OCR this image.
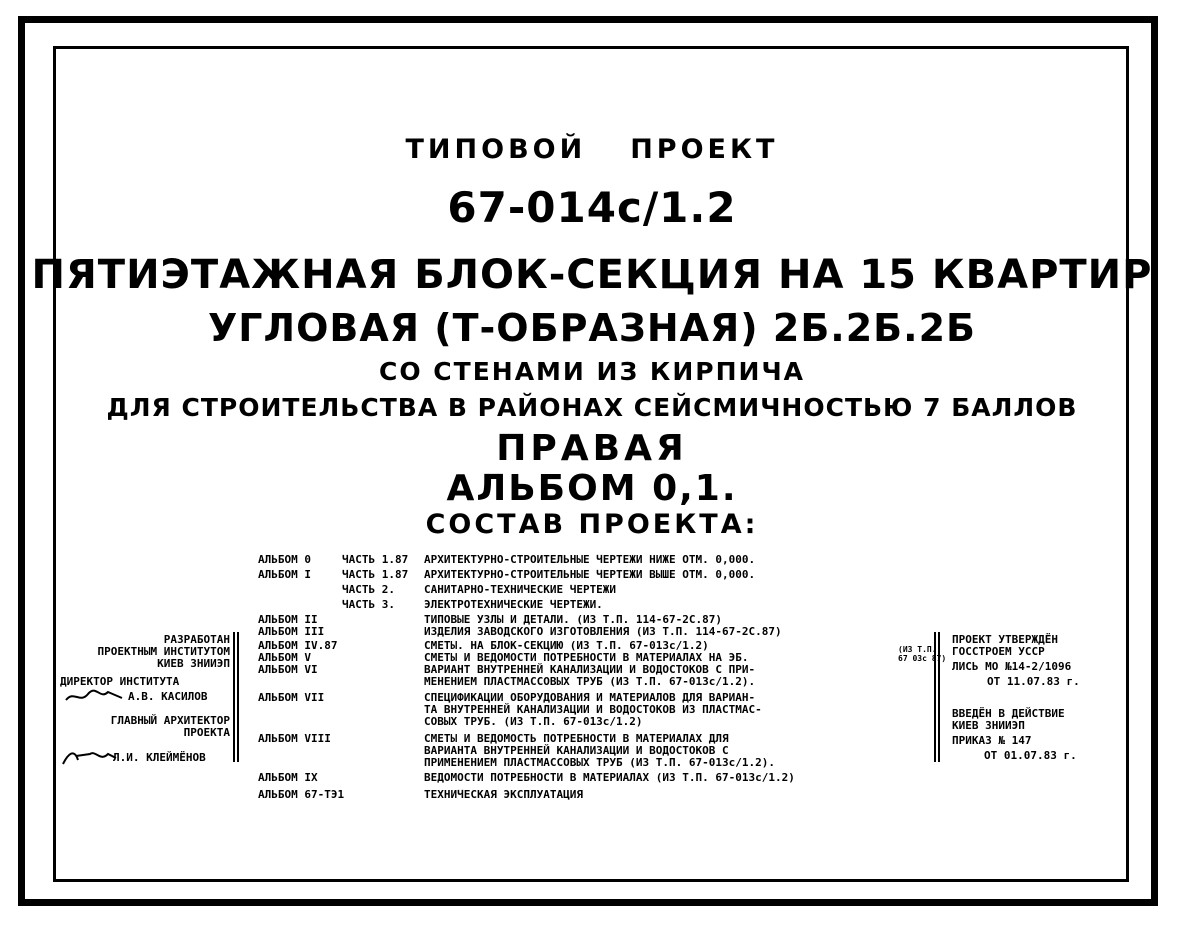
ТИПОВОЙ ПРОЕКТ
67-014с/1.2
ПЯТИЭТАЖНАЯ БЛОК-СЕКЦИЯ НА 15 КВАРТИР
УГЛОВАЯ (Т-ОБРАЗНАЯ) 2Б.2Б.2Б
СО СТЕНАМИ ИЗ КИРПИЧА
ДЛЯ СТРОИТЕЛЬСТВА В РАЙОНАХ СЕЙСМИЧНОСТЬЮ 7 БАЛЛОВ
ПРАВАЯ
АЛЬБОМ 0,1.
СОСТАВ ПРОЕКТА:
АЛЬБОМ 0	ЧАСТЬ 1.87 АРХИТЕКТУРНО-СТРОИТЕЛЬНЫЕ ЧЕРТЕЖИ НИЖЕ ОТМ. 0,000.
АЛЬБОМ I	ЧАСТЬ 1.87 АРХИТЕКТУРНО-СТРОИТЕЛЬНЫЕ ЧЕРТЕЖИ ВЫШЕ ОТМ. 0,000.
ЧАСТЬ 2.	САНИТАРНО-ТЕХНИЧЕСКИЕ ЧЕРТЕЖИ
ЧАСТЬ 3.	ЭЛЕКТРОТЕХНИЧЕСКИЕ ЧЕРТЕЖИ.
АЛЬБОМ II	ТИПОВЫЕ УЗЛЫ И ДЕТАЛИ. (ИЗ Т.П. 114-67-2С.87)
АЛЬБОМ III	ИЗДЕЛИЯ ЗАВОДСКОГО ИЗГОТОВЛЕНИЯ (ИЗ Т.П. 114-67-2С.87)
АЛЬБОМ IV.87	СМЕТЫ. НА БЛОК-СЕКЦИЮ (ИЗ Т.П. 67-013с/1.2)
АЛЬБОМ V	СМЕТЫ И ВЕДОМОСТИ ПОТРЕБНОСТИ В МАТЕРИАЛАХ НА ЭБ.
АЛЬБОМ VI	ВАРИАНТ ВНУТРЕННЕЙ КАНАЛИЗАЦИИ И ВОДОСТОКОВ С ПРИ-
МЕНЕНИЕМ ПЛАСТМАССОВЫХ ТРУБ (ИЗ Т.П. 67-013с/1.2).
АЛЬБОМ VII	СПЕЦИФИКАЦИИ ОБОРУДОВАНИЯ И МАТЕРИАЛОВ ДЛЯ ВАРИАН-
ТА ВНУТРЕННЕЙ КАНАЛИЗАЦИИ И ВОДОСТОКОВ ИЗ ПЛАСТМАС-
СОВЫХ ТРУБ. (ИЗ Т.П. 67-013с/1.2)
АЛЬБОМ VIII	СМЕТЫ И ВЕДОМОСТЬ ПОТРЕБНОСТИ В МАТЕРИАЛАХ ДЛЯ
ВАРИАНТА ВНУТРЕННЕЙ КАНАЛИЗАЦИИ И ВОДОСТОКОВ С
ПРИМЕНЕНИЕМ ПЛАСТМАССОВЫХ ТРУБ (ИЗ Т.П. 67-013с/1.2).
АЛЬБОМ IX	ВЕДОМОСТИ ПОТРЕБНОСТИ В МАТЕРИАЛАХ (ИЗ Т.П. 67-013с/1.2)
АЛЬБОМ 67-ТЭ1	ТЕХНИЧЕСКАЯ ЭКСПЛУАТАЦИЯ
(ИЗ Т.П.
67 03с 87)
РАЗРАБОТАН
ПРОЕКТНЫМ ИНСТИТУТОМ
КИЕВ ЗНИИЭП
ДИРЕКТОР ИНСТИТУТА
А.В. КАСИЛОВ
ГЛАВНЫЙ АРХИТЕКТОР
ПРОЕКТА
Л.И. КЛЕЙМЁНОВ
ПРОЕКТ УТВЕРЖДЁН
ГОССТРОЕМ УССР
ЛИСЬ МО №14-2/1096
ОТ 11.07.83 г.
ВВЕДЁН В ДЕЙСТВИЕ
КИЕВ ЗНИИЭП
ПРИКАЗ № 147
ОТ 01.07.83 г.
